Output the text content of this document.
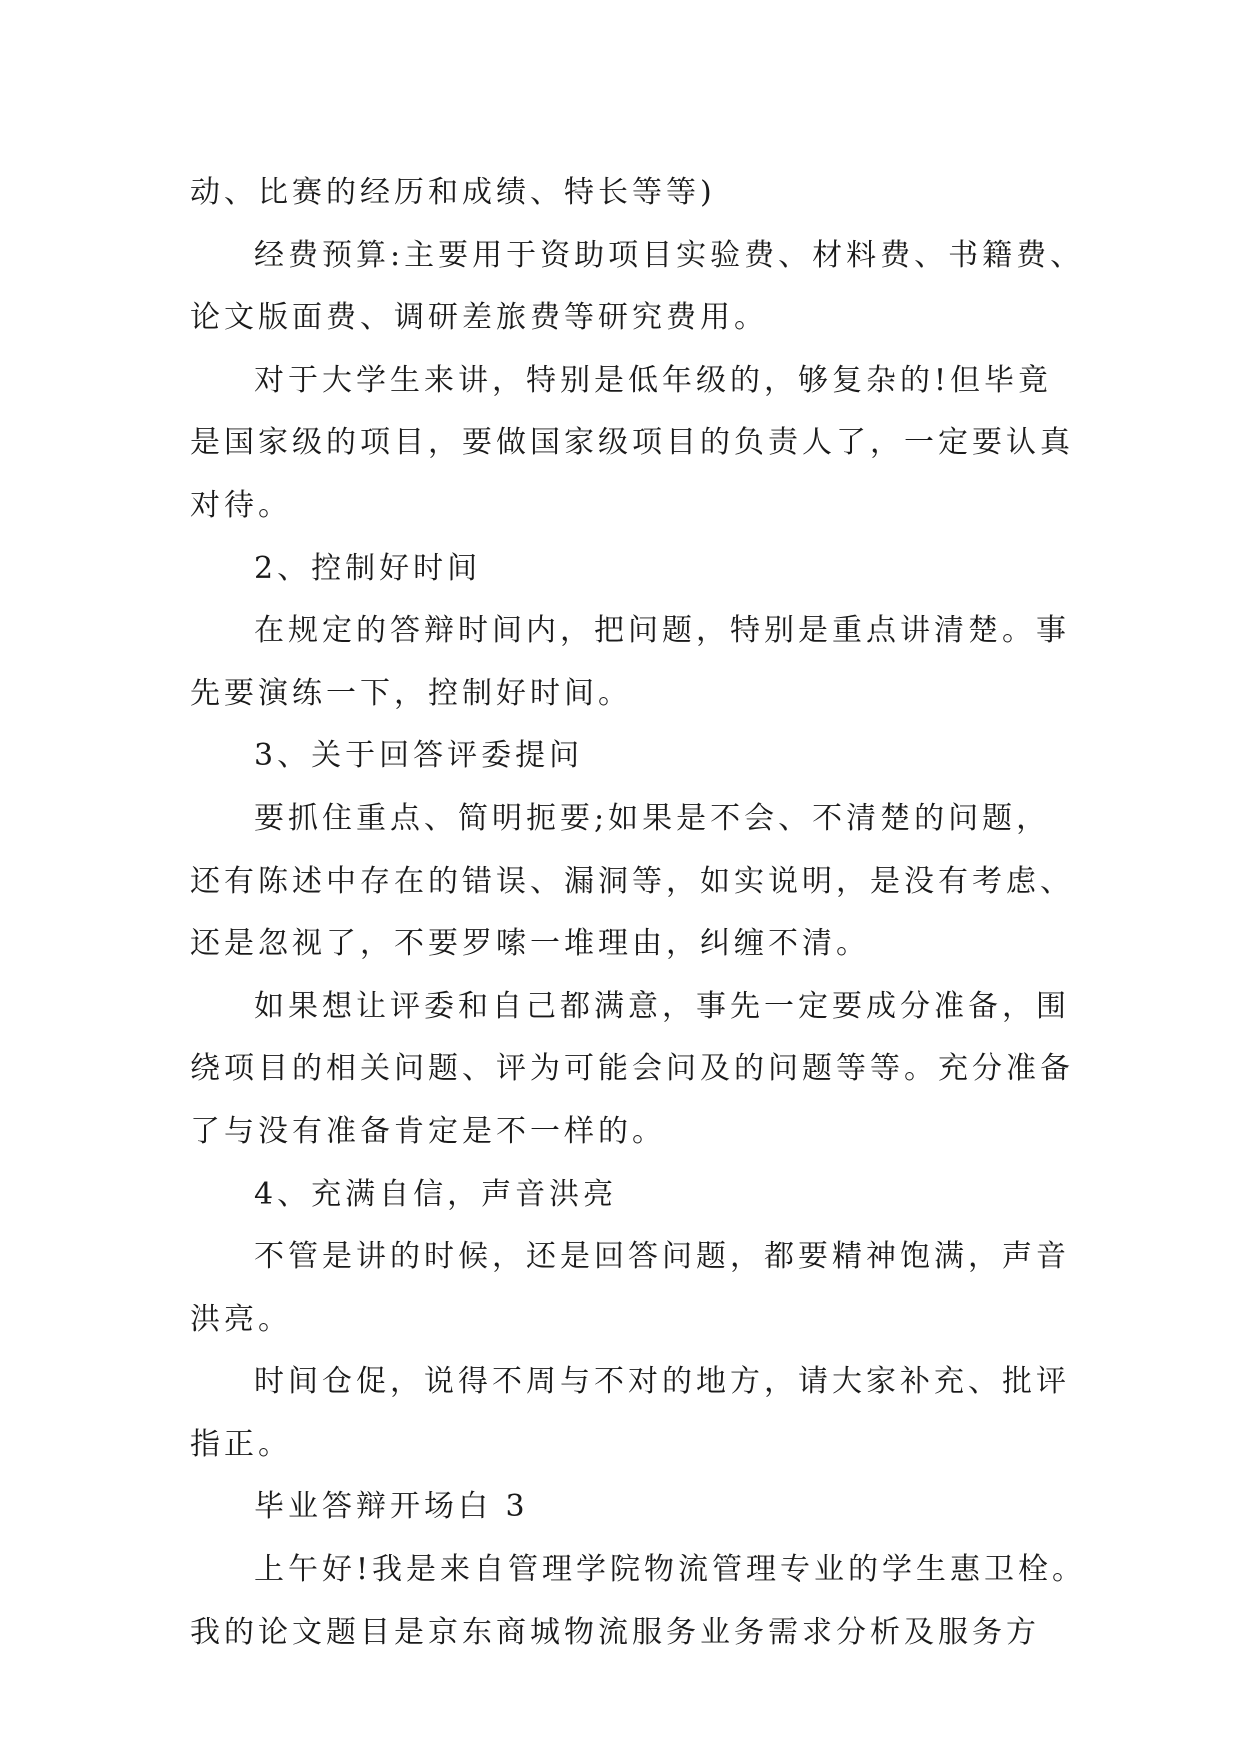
动、比赛的经历和成绩、特长等等)
经费预算:主要用于资助项目实验费、材料费、书籍费、
论文版面费、调研差旅费等研究费用。
对于大学生来讲，特别是低年级的，够复杂的!但毕竟
是国家级的项目，要做国家级项目的负责人了，一定要认真
对待。
2、控制好时间
在规定的答辩时间内，把问题，特别是重点讲清楚。事
先要演练一下，控制好时间。
3、关于回答评委提问
要抓住重点、简明扼要;如果是不会、不清楚的问题，
还有陈述中存在的错误、漏洞等，如实说明，是没有考虑、
还是忽视了，不要罗嗦一堆理由，纠缠不清。
如果想让评委和自己都满意，事先一定要成分准备，围
绕项目的相关问题、评为可能会问及的问题等等。充分准备
了与没有准备肯定是不一样的。
4、充满自信，声音洪亮
不管是讲的时候，还是回答问题，都要精神饱满，声音
洪亮。
时间仓促，说得不周与不对的地方，请大家补充、批评
指正。
毕业答辩开场白 3
上午好!我是来自管理学院物流管理专业的学生惠卫栓。
我的论文题目是京东商城物流服务业务需求分析及服务方
